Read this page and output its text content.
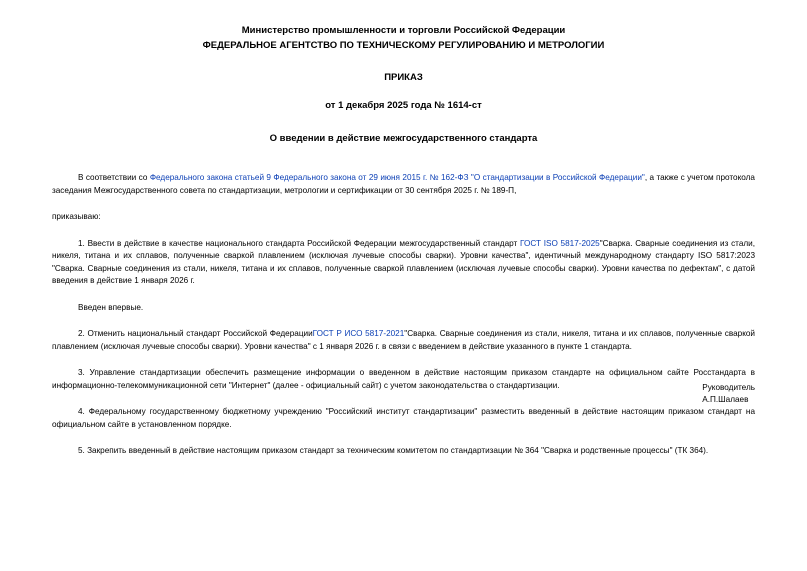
Министерство промышленности и торговли Российской Федерации
ФЕДЕРАЛЬНОЕ АГЕНТСТВО ПО ТЕХНИЧЕСКОМУ РЕГУЛИРОВАНИЮ И МЕТРОЛОГИИ
ПРИКАЗ
от 1 декабря 2025 года № 1614-ст
О введении в действие межгосударственного стандарта

В соответствии со Федерального закона статьей 9 Федерального закона от 29 июня 2015 г. № 162-ФЗ "О стандартизации в Российской Федерации", а также с учетом протокола заседания Межгосударственного совета по стандартизации, метрологии и сертификации от 30 сентября 2025 г. № 189-П,

приказываю:

1. Ввести в действие в качестве национального стандарта Российской Федерации межгосударственный стандарт ГОСТ ISO 5817-2025"Сварка. Сварные соединения из стали, никеля, титана и их сплавов, полученные сваркой плавлением (исключая лучевые способы сварки). Уровни качества", идентичный международному стандарту ISO 5817:2023 "Сварка. Сварные соединения из стали, никеля, титана и их сплавов, полученные сваркой плавлением (исключая лучевые способы сварки). Уровни качества по дефектам", с датой введения в действие 1 января 2026 г.

Введен впервые.

2. Отменить национальный стандарт Российской ФедерацииГОСТ Р ИСО 5817-2021"Сварка. Сварные соединения из стали, никеля, титана и их сплавов, полученные сваркой плавлением (исключая лучевые способы сварки). Уровни качества" с 1 января 2026 г. в связи с введением в действие указанного в пункте 1 стандарта.

3. Управление стандартизации обеспечить размещение информации о введенном в действие настоящим приказом стандарте на официальном сайте Росстандарта в информационно-телекоммуникационной сети "Интернет" (далее - официальный сайт) с учетом законодательства о стандартизации.

4. Федеральному государственному бюджетному учреждению "Российский институт стандартизации" разместить введенный в действие настоящим приказом стандарт на официальном сайте в установленном порядке.

5. Закрепить введенный в действие настоящим приказом стандарт за техническим комитетом по стандартизации № 364 "Сварка и родственные процессы" (ТК 364).

Руководитель
А.П.Шалаев
